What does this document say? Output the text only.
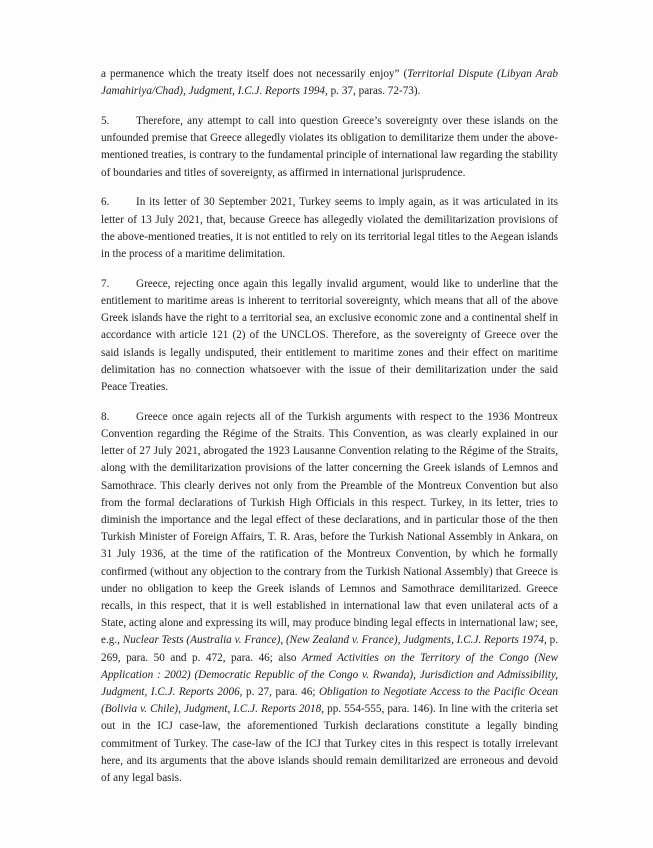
a permanence which the treaty itself does not necessarily enjoy” (Territorial Dispute (Libyan Arab Jamahiriya/Chad), Judgment, I.C.J. Reports 1994, p. 37, paras. 72-73).

5. Therefore, any attempt to call into question Greece’s sovereignty over these islands on the unfounded premise that Greece allegedly violates its obligation to demilitarize them under the above-mentioned treaties, is contrary to the fundamental principle of international law regarding the stability of boundaries and titles of sovereignty, as affirmed in international jurisprudence.

6. In its letter of 30 September 2021, Turkey seems to imply again, as it was articulated in its letter of 13 July 2021, that, because Greece has allegedly violated the demilitarization provisions of the above-mentioned treaties, it is not entitled to rely on its territorial legal titles to the Aegean islands in the process of a maritime delimitation.

7. Greece, rejecting once again this legally invalid argument, would like to underline that the entitlement to maritime areas is inherent to territorial sovereignty, which means that all of the above Greek islands have the right to a territorial sea, an exclusive economic zone and a continental shelf in accordance with article 121 (2) of the UNCLOS. Therefore, as the sovereignty of Greece over the said islands is legally undisputed, their entitlement to maritime zones and their effect on maritime delimitation has no connection whatsoever with the issue of their demilitarization under the said Peace Treaties.

8. Greece once again rejects all of the Turkish arguments with respect to the 1936 Montreux Convention regarding the Régime of the Straits. This Convention, as was clearly explained in our letter of 27 July 2021, abrogated the 1923 Lausanne Convention relating to the Régime of the Straits, along with the demilitarization provisions of the latter concerning the Greek islands of Lemnos and Samothrace. This clearly derives not only from the Preamble of the Montreux Convention but also from the formal declarations of Turkish High Officials in this respect. Turkey, in its letter, tries to diminish the importance and the legal effect of these declarations, and in particular those of the then Turkish Minister of Foreign Affairs, T. R. Aras, before the Turkish National Assembly in Ankara, on 31 July 1936, at the time of the ratification of the Montreux Convention, by which he formally confirmed (without any objection to the contrary from the Turkish National Assembly) that Greece is under no obligation to keep the Greek islands of Lemnos and Samothrace demilitarized. Greece recalls, in this respect, that it is well established in international law that even unilateral acts of a State, acting alone and expressing its will, may produce binding legal effects in international law; see, e.g., Nuclear Tests (Australia v. France), (New Zealand v. France), Judgments, I.C.J. Reports 1974, p. 269, para. 50 and p. 472, para. 46; also Armed Activities on the Territory of the Congo (New Application : 2002) (Democratic Republic of the Congo v. Rwanda), Jurisdiction and Admissibility, Judgment, I.C.J. Reports 2006, p. 27, para. 46; Obligation to Negotiate Access to the Pacific Ocean (Bolivia v. Chile), Judgment, I.C.J. Reports 2018, pp. 554-555, para. 146). In line with the criteria set out in the ICJ case-law, the aforementioned Turkish declarations constitute a legally binding commitment of Turkey. The case-law of the ICJ that Turkey cites in this respect is totally irrelevant here, and its arguments that the above islands should remain demilitarized are erroneous and devoid of any legal basis.
